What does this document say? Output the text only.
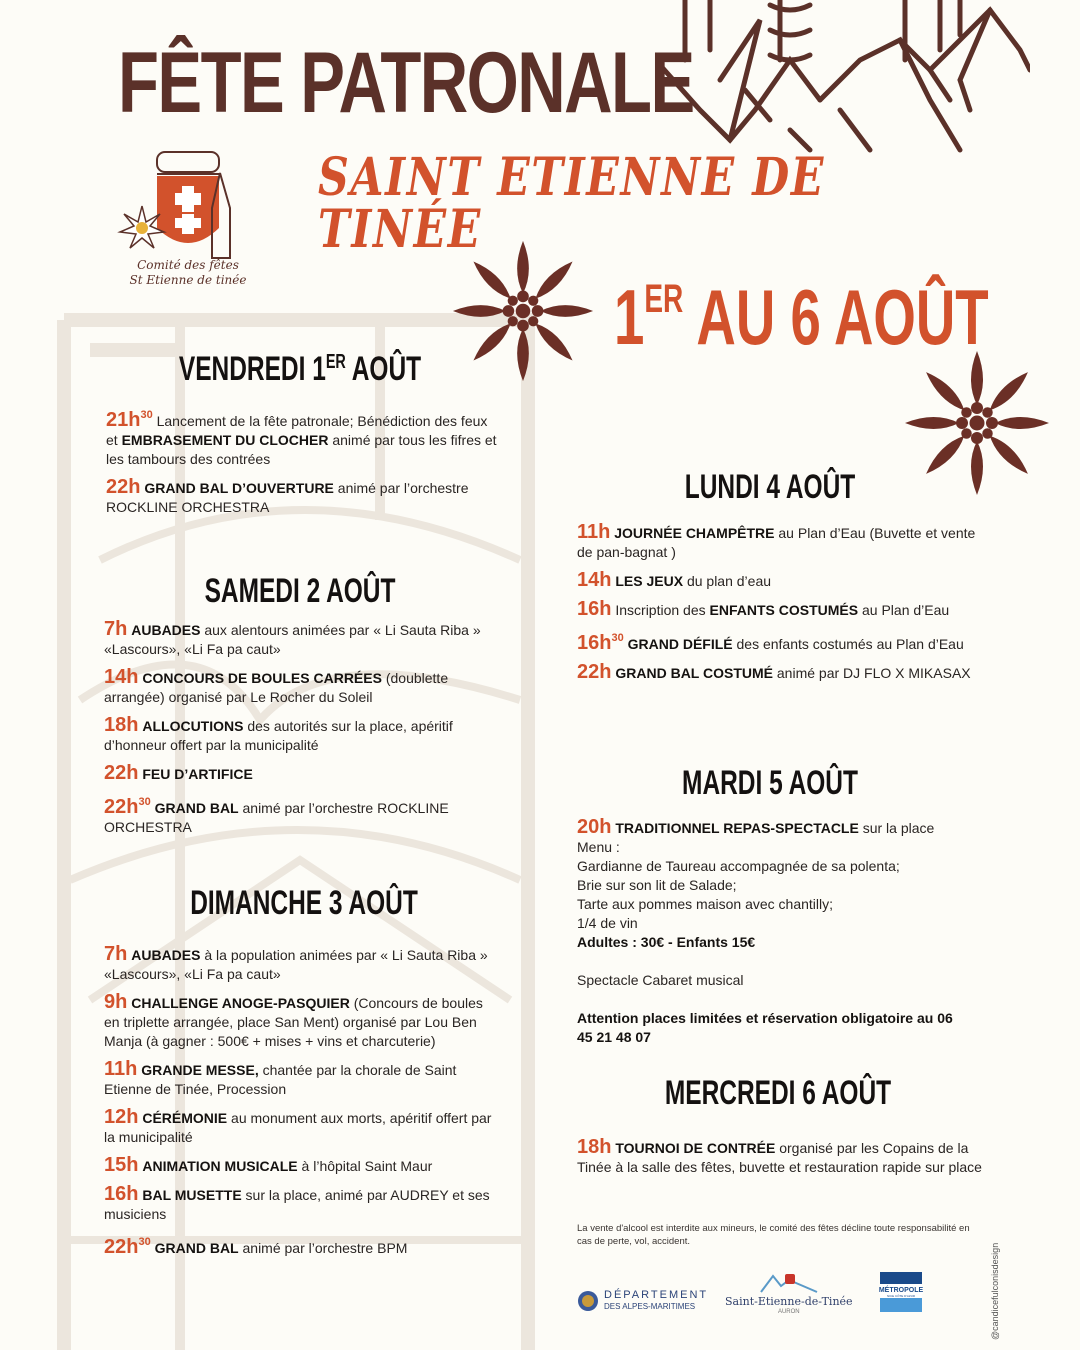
FÊTE PATRONALE
SAINT ETIENNE DE TINÉE
Comité des fêtes
St Etienne de tinée	1ER AU 6 AOÛT
VENDREDI 1ER AOÛT
$21h^{30}$ Lancement de la fête patronale; Bénédiction des feux et EMBRASEMENT DU CLOCHER animé par tous les fifres et les tambours des contrées
22h GRAND BAL D’OUVERTURE animé par l’orchestre ROCKLINE ORCHESTRA
SAMEDI 2 AOÛT
7h AUBADES aux alentours animées par « Li Sauta Riba » «Lascours», «Li Fa pa caut»
14h CONCOURS DE BOULES CARRÉES (doublette arrangée) organisé par Le Rocher du Soleil
18h ALLOCUTIONS des autorités sur la place, apéritif d’honneur offert par la municipalité
22h FEU D’ARTIFICE
$22h^{30}$ GRAND BAL animé par l’orchestre ROCKLINE ORCHESTRA
DIMANCHE 3 AOÛT
7h AUBADES à la population animées par « Li Sauta Riba » «Lascours», «Li Fa pa caut»
9h CHALLENGE ANOGE-PASQUIER (Concours de boules en triplette arrangée, place San Ment) organisé par Lou Ben Manja (à gagner : 500€ + mises + vins et charcuterie)
11h GRANDE MESSE, chantée par la chorale de Saint Etienne de Tinée, Procession
12h CÉRÉMONIE au monument aux morts, apéritif offert par la municipalité
15h ANIMATION MUSICALE à l’hôpital Saint Maur
16h BAL MUSETTE sur la place, animé par AUDREY et ses musiciens
$22h^{30}$ GRAND BAL animé par l’orchestre BPM
LUNDI 4 AOÛT
11h JOURNÉE CHAMPÊTRE au Plan d’Eau (Buvette et vente de pan-bagnat )
14h LES JEUX du plan d’eau
16h Inscription des ENFANTS COSTUMÉS au Plan d’Eau
$16h^{30}$ GRAND DÉFILÉ des enfants costumés au Plan d’Eau
22h GRAND BAL COSTUMÉ animé par DJ FLO X MIKASAX
MARDI 5 AOÛT
20h TRADITIONNEL REPAS-SPECTACLE sur la place
Menu :
Gardianne de Taureau accompagnée de sa polenta;
Brie sur son lit de Salade;
Tarte aux pommes maison avec chantilly;
1/4 de vin
Adultes : 30€ - Enfants 15€
Spectacle Cabaret musical
Attention places limitées et réservation obligatoire au 06 45 21 48 07
MERCREDI 6 AOÛT
18h TOURNOI DE CONTRÉE organisé par les Copains de la Tinée à la salle des fêtes, buvette et restauration rapide sur place
La vente d'alcool est interdite aux mineurs, le comité des fêtes décline toute responsabilité en cas de perte, vol, accident.
DÉPARTEMENT
DES ALPES-MARITIMES	Saint-Etienne-de-Tinée
AURON
MÉTROPOLE
NICE CÔTE D'AZUR	@candicefulconisdesign
